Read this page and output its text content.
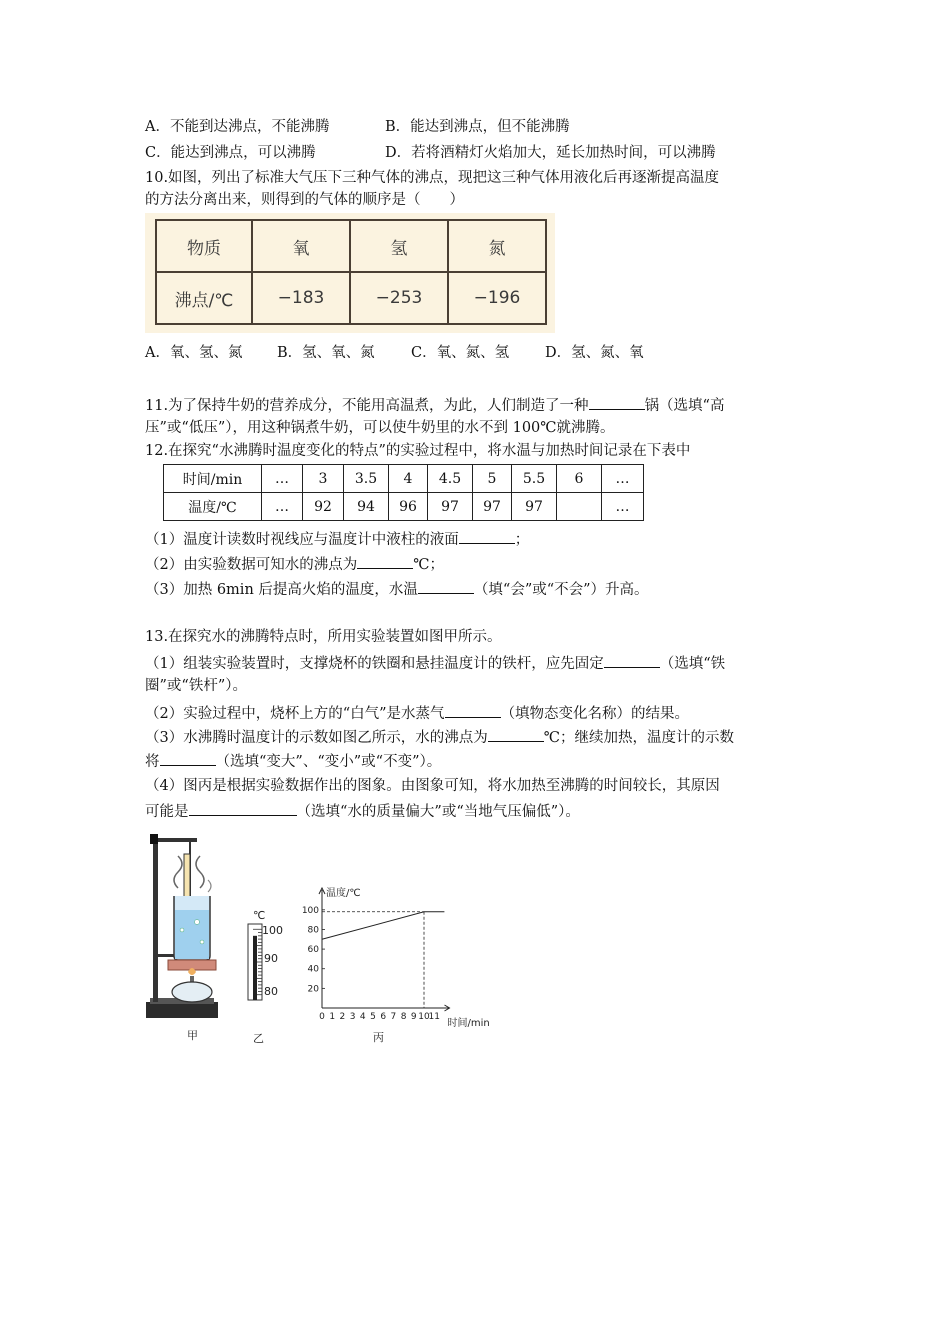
A．不能到达沸点，不能沸腾	B．能达到沸点，但不能沸腾
C．能达到沸点，可以沸腾	D．若将酒精灯火焰加大，延长加热时间，可以沸腾
10.如图，列出了标准大气压下三种气体的沸点，现把这三种气体用液化后再逐渐提高温度
的方法分离出来，则得到的气体的顺序是（　　）
物质	氧	氢	氮
沸点/℃	−183	−253	−196
A．氧、氢、氮 B．氢、氧、氮	C．氧、氮、氢 D．氢、氮、氧
11.为了保持牛奶的营养成分，不能用高温煮，为此，人们制造了一种	锅（选填“高
压”或“低压”），用这种锅煮牛奶，可以使牛奶里的水不到 100℃就沸腾。
12.在探究“水沸腾时温度变化的特点”的实验过程中，将水温与加热时间记录在下表中
时间/min	…	3	3.5	4	4.5	5	5.5	6	…
温度/℃	…	92	94	96	97	97	97		…
（1）温度计读数时视线应与温度计中液柱的液面	；
（2）由实验数据可知水的沸点为	℃；
（3）加热 6min 后提高火焰的温度，水温	（填“会”或“不会”）升高。
13.在探究水的沸腾特点时，所用实验装置如图甲所示。
（1）组装实验装置时，支撑烧杯的铁圈和悬挂温度计的铁杆，应先固定	（选填“铁
圈”或“铁杆”）。
（2）实验过程中，烧杯上方的“白气”是水蒸气	（填物态变化名称）的结果。
（3）水沸腾时温度计的示数如图乙所示，水的沸点为	℃；继续加热，温度计的示数
将	（选填“变大”、“变小”或“不变”）。
（4）图丙是根据实验数据作出的图象。由图象可知，将水加热至沸腾的时间较长，其原因
可能是	（选填“水的质量偏大”或“当地气压偏低”）。
甲
℃
100
90
80
乙
20
40
60
80
100
0 1 2 3 4 5 6 7 8 9 10
11
温度/℃
时间/min
丙
